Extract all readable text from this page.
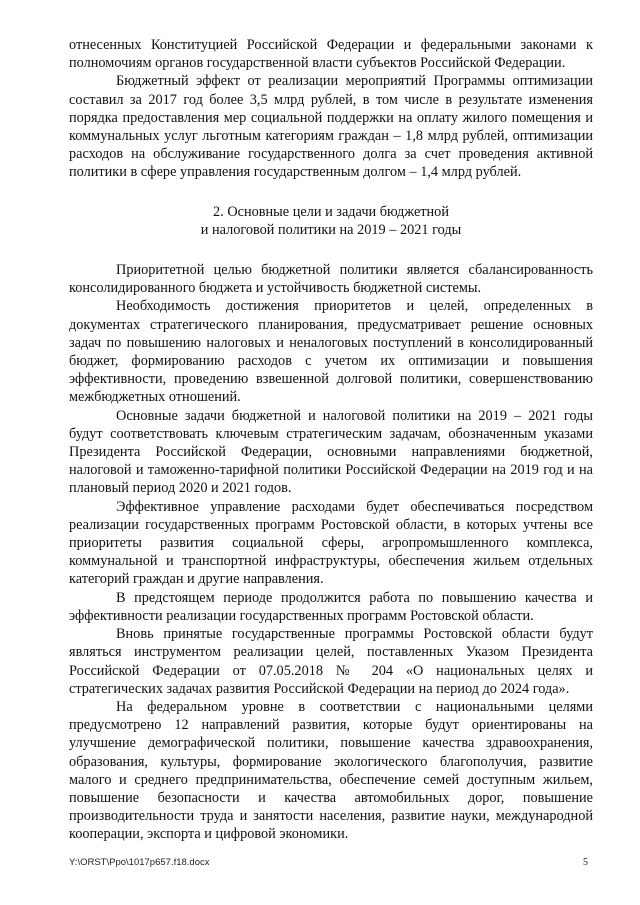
отнесенных Конституцией Российской Федерации и федеральными законами к полномочиям органов государственной власти субъектов Российской Федерации.

Бюджетный эффект от реализации мероприятий Программы оптимизации составил за 2017 год более 3,5 млрд рублей, в том числе в результате изменения порядка предоставления мер социальной поддержки на оплату жилого помещения и коммунальных услуг льготным категориям граждан – 1,8 млрд рублей, оптимизации расходов на обслуживание государственного долга за счет проведения активной политики в сфере управления государственным долгом – 1,4 млрд рублей.

2. Основные цели и задачи бюджетной
и налоговой политики на 2019 – 2021 годы

Приоритетной целью бюджетной политики является сбалансированность консолидированного бюджета и устойчивость бюджетной системы.

Необходимость достижения приоритетов и целей, определенных в документах стратегического планирования, предусматривает решение основных задач по повышению налоговых и неналоговых поступлений в консолидированный бюджет, формированию расходов с учетом их оптимизации и повышения эффективности, проведению взвешенной долговой политики, совершенствованию межбюджетных отношений.

Основные задачи бюджетной и налоговой политики на 2019 – 2021 годы будут соответствовать ключевым стратегическим задачам, обозначенным указами Президента Российской Федерации, основными направлениями бюджетной, налоговой и таможенно-тарифной политики Российской Федерации на 2019 год и на плановый период 2020 и 2021 годов.

Эффективное управление расходами будет обеспечиваться посредством реализации государственных программ Ростовской области, в которых учтены все приоритеты развития социальной сферы, агропромышленного комплекса, коммунальной и транспортной инфраструктуры, обеспечения жильем отдельных категорий граждан и другие направления.

В предстоящем периоде продолжится работа по повышению качества и эффективности реализации государственных программ Ростовской области.

Вновь принятые государственные программы Ростовской области будут являться инструментом реализации целей, поставленных Указом Президента Российской Федерации от 07.05.2018 № 204 «О национальных целях и стратегических задачах развития Российской Федерации на период до 2024 года».

На федеральном уровне в соответствии с национальными целями предусмотрено 12 направлений развития, которые будут ориентированы на улучшение демографической политики, повышение качества здравоохранения, образования, культуры, формирование экологического благополучия, развитие малого и среднего предпринимательства, обеспечение семей доступным жильем, повышение безопасности и качества автомобильных дорог, повышение производительности труда и занятости населения, развитие науки, международной кооперации, экспорта и цифровой экономики.

Y:\ORST\Ppo\1017p657.f18.docx	5
